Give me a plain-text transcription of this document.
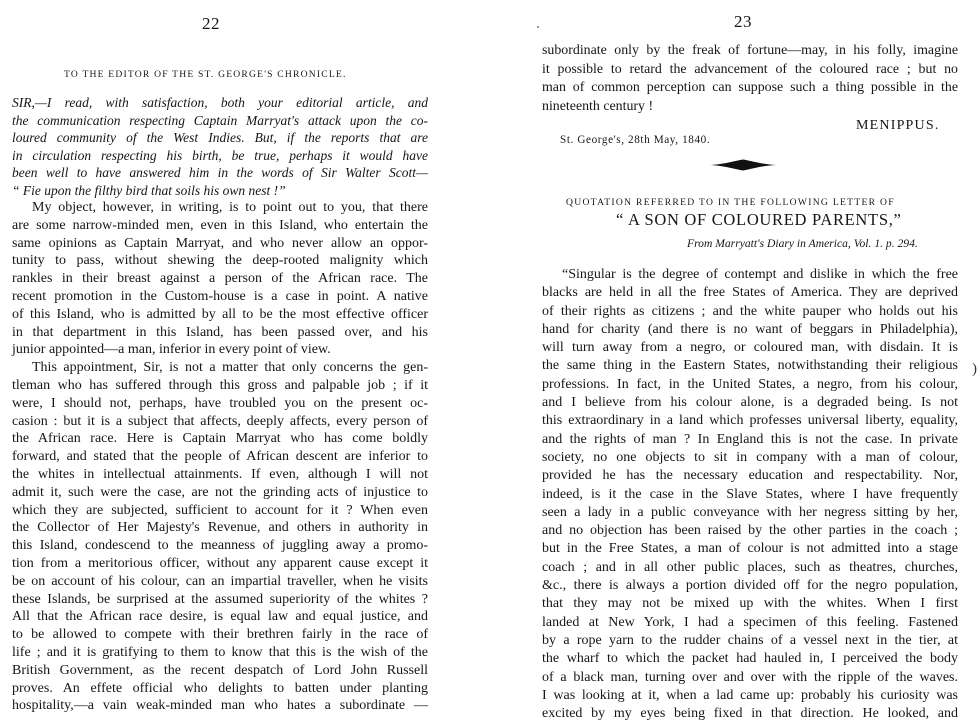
22
TO THE EDITOR OF THE ST. GEORGE'S CHRONICLE.
SIR,—I read, with satisfaction, both your editorial article, and
the communication respecting Captain Marryat's attack upon the co-
loured community of the West Indies. But, if the reports that are
in circulation respecting his birth, be true, perhaps it would have
been well to have answered him in the words of Sir Walter Scott—
“ Fie upon the filthy bird that soils his own nest !”
My object, however, in writing, is to point out to you, that there
are some narrow-minded men, even in this Island, who entertain the
same opinions as Captain Marryat, and who never allow an oppor-
tunity to pass, without shewing the deep-rooted malignity which
rankles in their breast against a person of the African race. The
recent promotion in the Custom-house is a case in point. A native
of this Island, who is admitted by all to be the most effective officer
in that department in this Island, has been passed over, and his
junior appointed—a man, inferior in every point of view.
This appointment, Sir, is not a matter that only concerns the gen-
tleman who has suffered through this gross and palpable job ; if it
were, I should not, perhaps, have troubled you on the present oc-
casion : but it is a subject that affects, deeply affects, every person of
the African race. Here is Captain Marryat who has come boldly
forward, and stated that the people of African descent are inferior to
the whites in intellectual attainments. If even, although I will not
admit it, such were the case, are not the grinding acts of injustice to
which they are subjected, sufficient to account for it ? When even
the Collector of Her Majesty's Revenue, and others in authority in
this Island, condescend to the meanness of juggling away a promo-
tion from a meritorious officer, without any apparent cause except it
be on account of his colour, can an impartial traveller, when he visits
these Islands, be surprised at the assumed superiority of the whites ?
All that the African race desire, is equal law and equal justice, and
to be allowed to compete with their brethren fairly in the race of
life ; and it is gratifying to them to know that this is the wish of the
British Government, as the recent despatch of Lord John Russell
proves. An effete official who delights to batten under planting
hospitality,—a vain weak-minded man who hates a subordinate —
23
subordinate only by the freak of fortune—may, in his folly, imagine
it possible to retard the advancement of the coloured race ; but no
man of common perception can suppose such a thing possible in the
nineteenth century !
MENIPPUS.
St. George's, 28th May, 1840.
QUOTATION REFERRED TO IN THE FOLLOWING LETTER OF
“ A SON OF COLOURED PARENTS,”
From Marryatt's Diary in America, Vol. 1. p. 294.
“Singular is the degree of contempt and dislike in which the free
blacks are held in all the free States of America. They are deprived
of their rights as citizens ; and the white pauper who holds out his
hand for charity (and there is no want of beggars in Philadelphia),
will turn away from a negro, or coloured man, with disdain. It is
the same thing in the Eastern States, notwithstanding their religious
professions. In fact, in the United States, a negro, from his colour,
and I believe from his colour alone, is a degraded being. Is not
this extraordinary in a land which professes universal liberty, equality,
and the rights of man ? In England this is not the case. In private
society, no one objects to sit in company with a man of colour,
provided he has the necessary education and respectability. Nor,
indeed, is it the case in the Slave States, where I have frequently
seen a lady in a public conveyance with her negress sitting by her,
and no objection has been raised by the other parties in the coach ;
but in the Free States, a man of colour is not admitted into a stage
coach ; and in all other public places, such as theatres, churches,
&c., there is always a portion divided off for the negro population,
that they may not be mixed up with the whites. When I first
landed at New York, I had a specimen of this feeling. Fastened
by a rope yarn to the rudder chains of a vessel next in the tier, at
the wharf to which the packet had hauled in, I perceived the body
of a black man, turning over and over with the ripple of the waves.
I was looking at it, when a lad came up: probably his curiosity was
excited by my eyes being fixed in that direction. He looked, and
)
